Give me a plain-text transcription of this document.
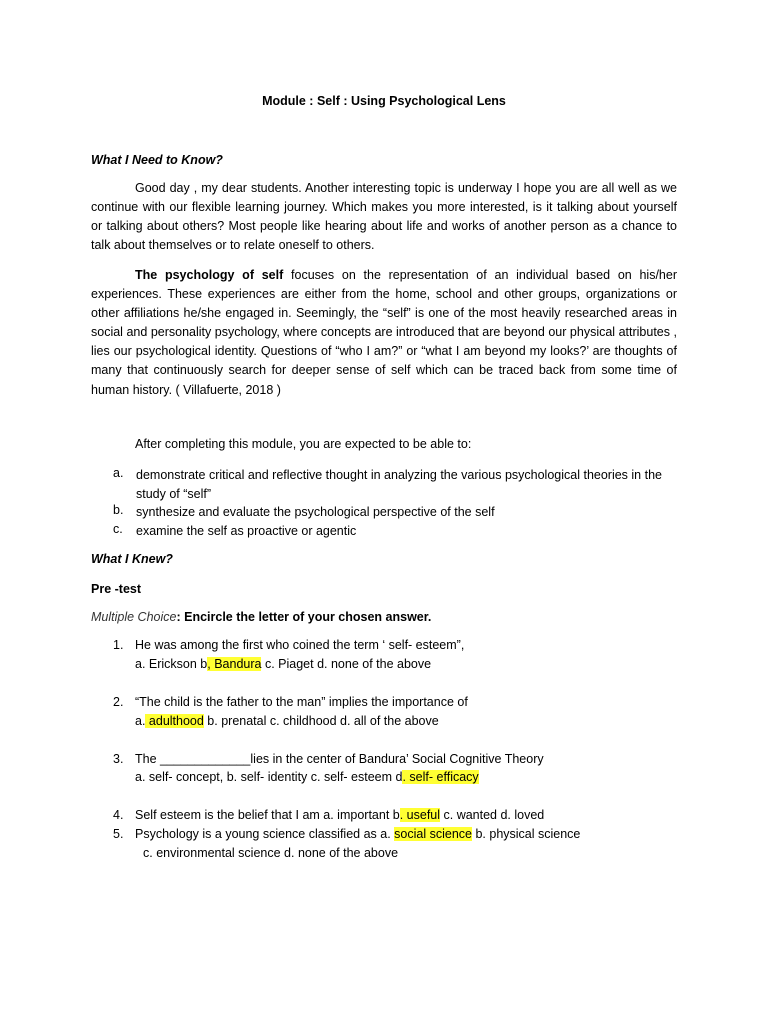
Module : Self : Using Psychological Lens
What I Need to Know?

Good day , my dear students. Another interesting topic is underway I hope you are all well as we continue with our flexible learning journey. Which makes you more interested, is it talking about yourself or talking about others? Most people like hearing about life and works of another person as a chance to talk about themselves or to relate oneself to others.

The psychology of self focuses on the representation of an individual based on his/her experiences. These experiences are either from the home, school and other groups, organizations or other affiliations he/she engaged in. Seemingly, the “self” is one of the most heavily researched areas in social and personality psychology, where concepts are introduced that are beyond our physical attributes , lies our psychological identity. Questions of “who I am?” or “what I am beyond my looks?’ are thoughts of many that continuously search for deeper sense of self which can be traced back from some time of human history. ( Villafuerte, 2018 )

After completing this module, you are expected to be able to:
a. demonstrate critical and reflective thought in analyzing the various psychological theories in the study of “self”
b. synthesize and evaluate the psychological perspective of the self
c. examine the self as proactive or agentic
What I Knew?
Pre -test
Multiple Choice: Encircle the letter of your chosen answer.
1. He was among the first who coined the term ‘ self- esteem”,
a. Erickson b, Bandura c. Piaget d. none of the above
2. “The child is the father to the man” implies the importance of
a. adulthood b. prenatal c. childhood d. all of the above
3. The _____________lies in the center of Bandura’ Social Cognitive Theory
a. self- concept, b. self- identity c. self- esteem d. self- efficacy
4. Self esteem is the belief that I am a. important b. useful c. wanted d. loved
5. Psychology is a young science classified as a. social science b. physical science
c. environmental science d. none of the above
